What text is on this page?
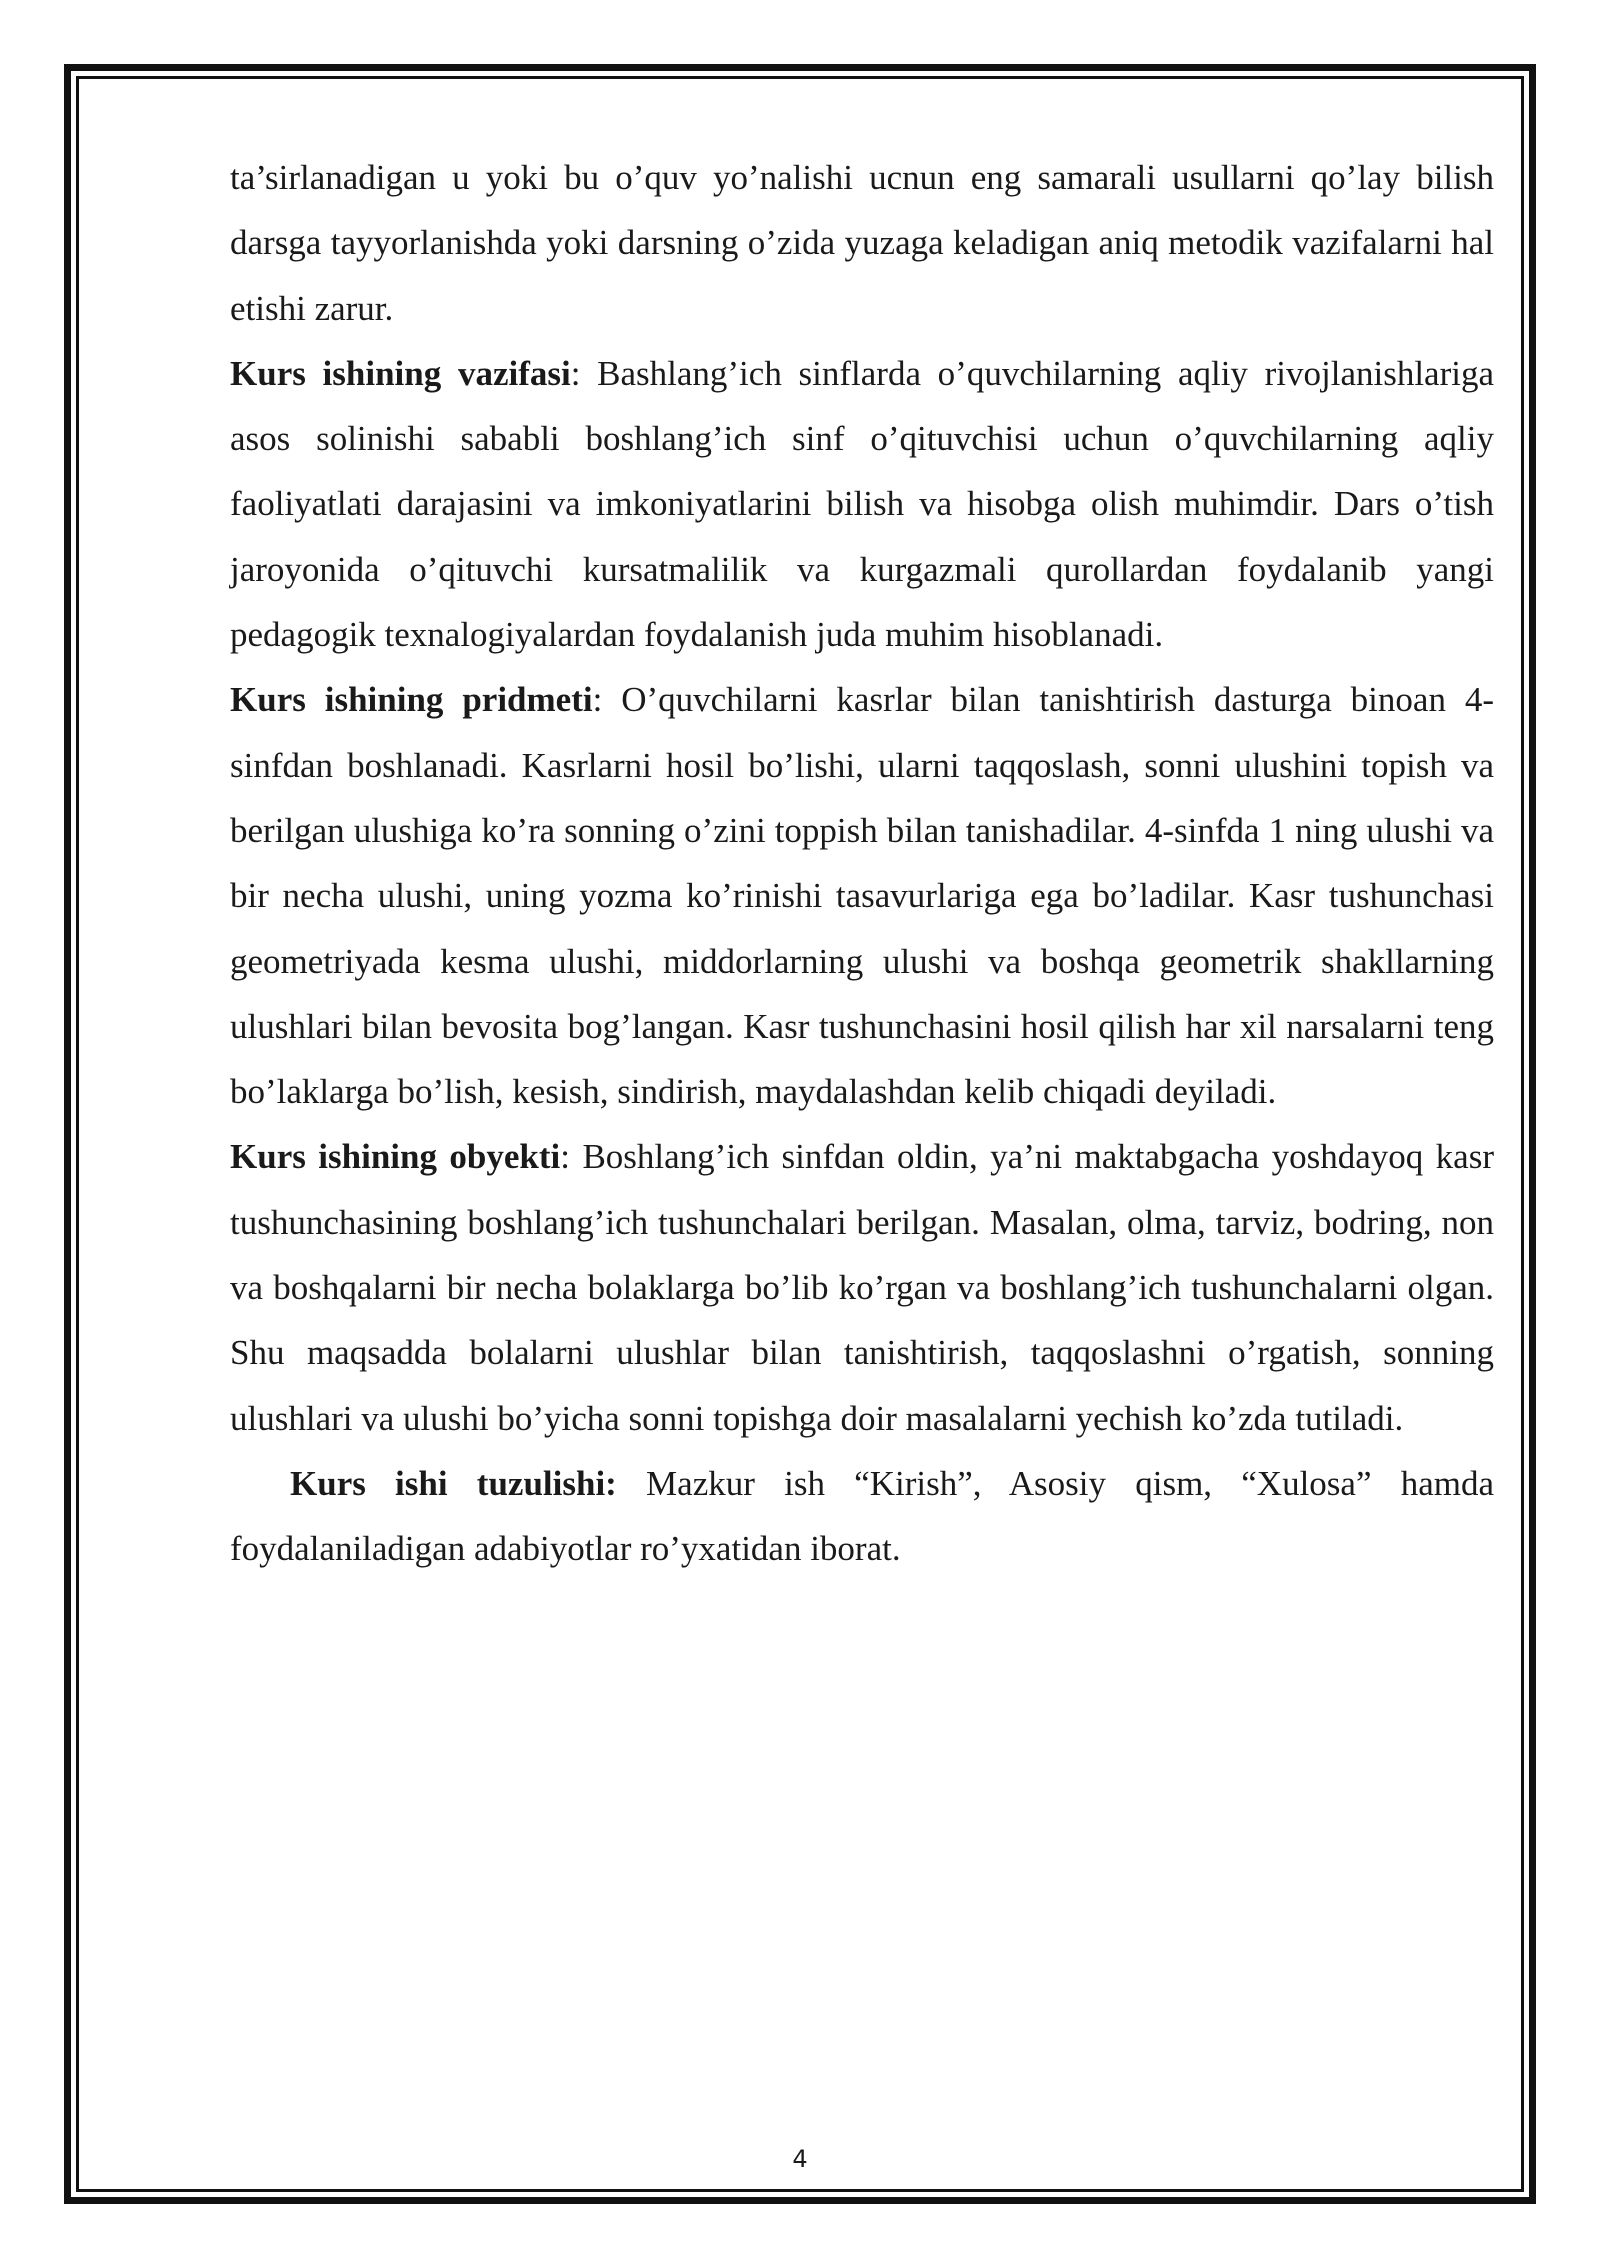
ta’sirlanadigan u yoki bu o’quv yo’nalishi ucnun eng samarali usullarni qo’lay bilish darsga tayyorlanishda yoki darsning o’zida yuzaga keladigan aniq metodik vazifalarni hal etishi zarur.

Kurs ishining vazifasi: Bashlang’ich sinflarda o’quvchilarning aqliy rivojlanishlariga asos solinishi sababli boshlang’ich sinf o’qituvchisi uchun o’quvchilarning aqliy faoliyatlati darajasini va imkoniyatlarini bilish va hisobga olish muhimdir. Dars o’tish jaroyonida o’qituvchi kursatmalilik va kurgazmali qurollardan foydalanib yangi pedagogik texnalogiyalardan foydalanish juda muhim hisoblanadi.

Kurs ishining pridmeti: O’quvchilarni kasrlar bilan tanishtirish dasturga binoan 4-sinfdan boshlanadi. Kasrlarni hosil bo’lishi, ularni taqqoslash, sonni ulushini topish va berilgan ulushiga ko’ra sonning o’zini toppish bilan tanishadilar. 4-sinfda 1 ning ulushi va bir necha ulushi, uning yozma ko’rinishi tasavurlariga ega bo’ladilar. Kasr tushunchasi geometriyada kesma ulushi, middorlarning ulushi va boshqa geometrik shakllarning ulushlari bilan bevosita bog’langan. Kasr tushunchasini hosil qilish har xil narsalarni teng bo’laklarga bo’lish, kesish, sindirish, maydalashdan kelib chiqadi deyiladi.

Kurs ishining obyekti: Boshlang’ich sinfdan oldin, ya’ni maktabgacha yoshdayoq kasr tushunchasining boshlang’ich tushunchalari berilgan. Masalan, olma, tarviz, bodring, non va boshqalarni bir necha bolaklarga bo’lib ko’rgan va boshlang’ich tushunchalarni olgan. Shu maqsadda bolalarni ulushlar bilan tanishtirish, taqqoslashni o’rgatish, sonning ulushlari va ulushi bo’yicha sonni topishga doir masalalarni yechish ko’zda tutiladi.

Kurs ishi tuzulishi: Mazkur ish “Kirish”, Asosiy qism, “Xulosa” hamda foydalaniladigan adabiyotlar ro’yxatidan iborat.

4
